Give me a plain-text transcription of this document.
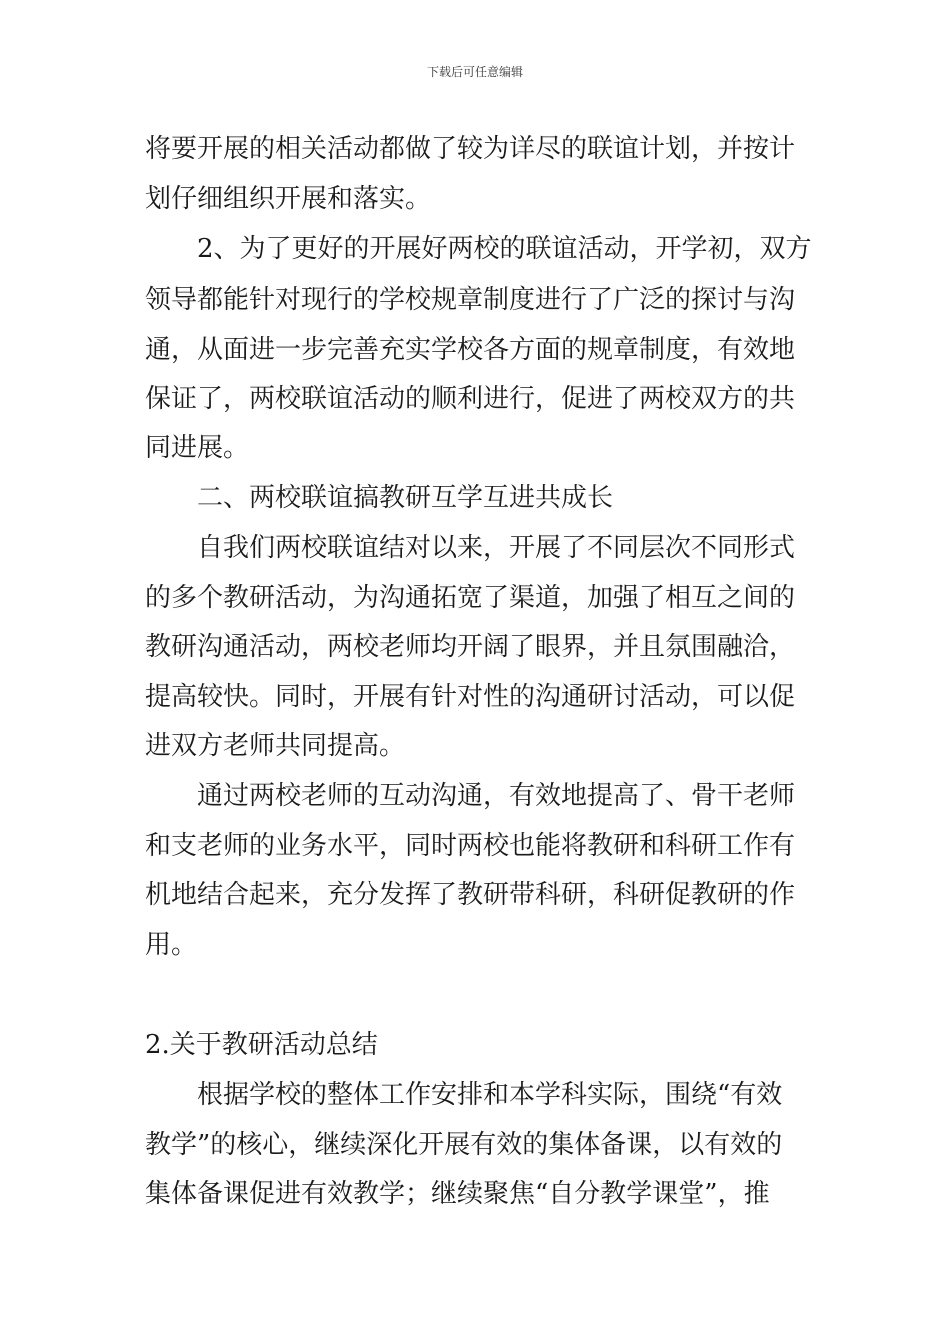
下载后可任意编辑
将要开展的相关活动都做了较为详尽的联谊计划，并按计
划仔细组织开展和落实。
2、为了更好的开展好两校的联谊活动，开学初，双方
领导都能针对现行的学校规章制度进行了广泛的探讨与沟
通，从面进一步完善充实学校各方面的规章制度，有效地
保证了，两校联谊活动的顺利进行，促进了两校双方的共
同进展。
二、两校联谊搞教研互学互进共成长
自我们两校联谊结对以来，开展了不同层次不同形式
的多个教研活动，为沟通拓宽了渠道，加强了相互之间的
教研沟通活动，两校老师均开阔了眼界，并且氛围融洽，
提高较快。同时，开展有针对性的沟通研讨活动，可以促
进双方老师共同提高。
通过两校老师的互动沟通，有效地提高了、骨干老师
和支老师的业务水平，同时两校也能将教研和科研工作有
机地结合起来，充分发挥了教研带科研，科研促教研的作
用。
2.关于教研活动总结
根据学校的整体工作安排和本学科实际，围绕“有效
教学”的核心，继续深化开展有效的集体备课，以有效的
集体备课促进有效教学；继续聚焦“自分教学课堂”，推
